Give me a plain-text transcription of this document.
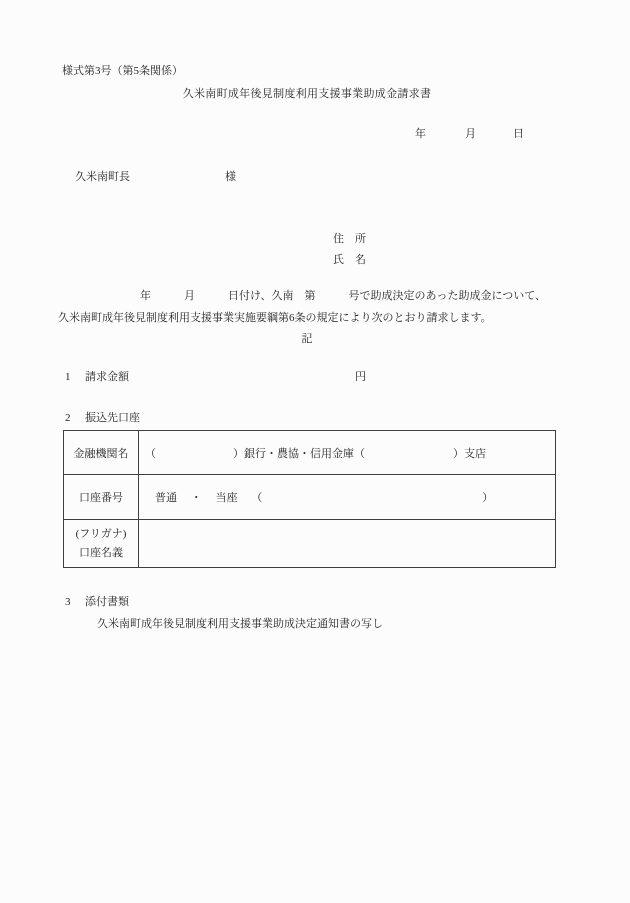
様式第3号（第5条関係）
久米南町成年後見制度利用支援事業助成金請求書
年	月	日
久米南町長	様
住　所
氏　名
年　　　月　　　日付け、久南　第　　　号で助成決定のあった助成金について、
久米南町成年後見制度利用支援事業実施要綱第6条の規定により次のとおり請求します。
記
1 請求金額	円
2 振込先口座
金融機関名	（　　　　　　　）銀行・農協・信用金庫（　　　　　　　　）支店
口座番号	普通　 ・　 当座　 （　　　　　　　　　　　　　　　　　　　　）

(フリガナ)
口座名義	

3 添付書類
久米南町成年後見制度利用支援事業助成決定通知書の写し
